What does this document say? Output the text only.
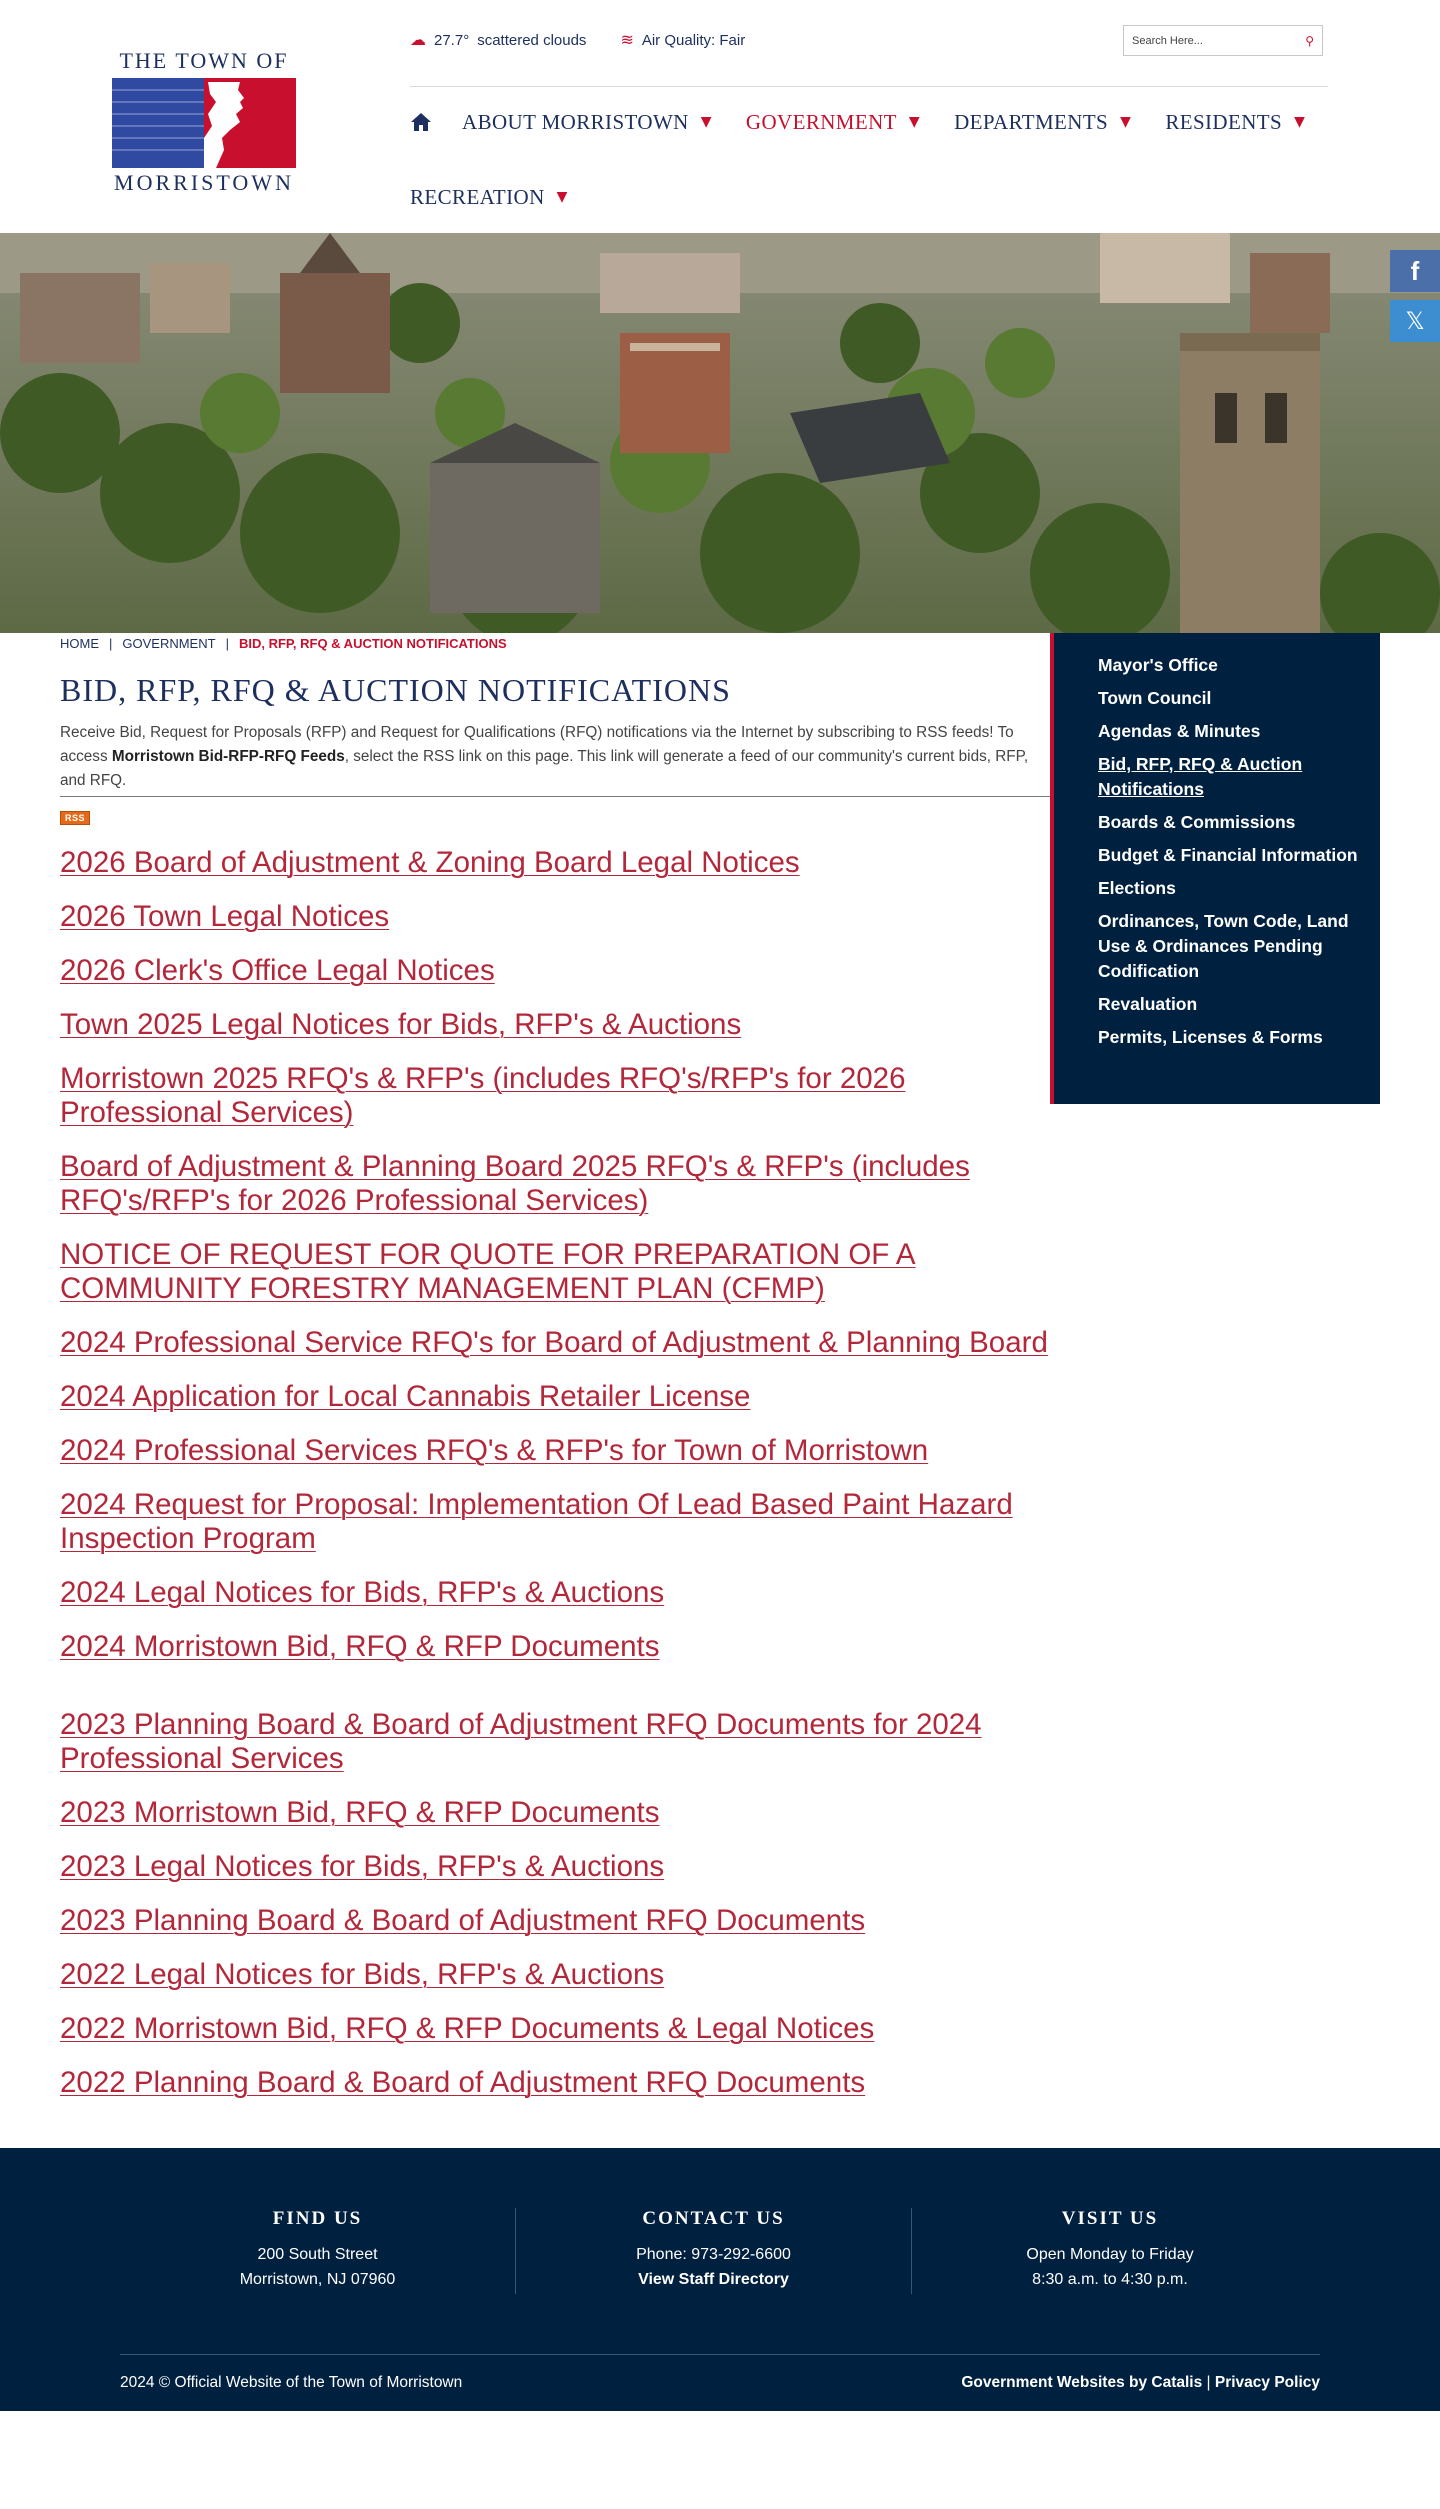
THE TOWN OF
MORRISTOWN
☁ 27.7° scattered clouds ≋ Air Quality: Fair
Search Here...	⚲
ABOUT MORRISTOWN ▼ GOVERNMENT ▼ DEPARTMENTS ▼ RESIDENTS ▼
RECREATION ▼
f
𝕏
HOME | GOVERNMENT | BID, RFP, RFQ & AUCTION NOTIFICATIONS
BID, RFP, RFQ & AUCTION NOTIFICATIONS

Receive Bid, Request for Proposals (RFP) and Request for Qualifications (RFQ) notifications via the Internet by subscribing to RSS feeds! To access Morristown Bid-RFP-RFQ Feeds, select the RSS link on this page. This link will generate a feed of our community's current bids, RFP, and RFQ.

RSS
2026 Board of Adjustment & Zoning Board Legal Notices
2026 Town Legal Notices
2026 Clerk's Office Legal Notices
Town 2025 Legal Notices for Bids, RFP's & Auctions
Morristown 2025 RFQ's & RFP's (includes RFQ's/RFP's for 2026 Professional Services)
Board of Adjustment & Planning Board 2025 RFQ's & RFP's (includes RFQ's/RFP's for 2026 Professional Services)
NOTICE OF REQUEST FOR QUOTE FOR PREPARATION OF A COMMUNITY FORESTRY MANAGEMENT PLAN (CFMP)
2024 Professional Service RFQ's for Board of Adjustment & Planning Board
2024 Application for Local Cannabis Retailer License
2024 Professional Services RFQ's & RFP's for Town of Morristown
2024 Request for Proposal: Implementation Of Lead Based Paint Hazard Inspection Program
2024 Legal Notices for Bids, RFP's & Auctions
2024 Morristown Bid, RFQ & RFP Documents
2023 Planning Board & Board of Adjustment RFQ Documents for 2024 Professional Services
2023 Morristown Bid, RFQ & RFP Documents
2023 Legal Notices for Bids, RFP's & Auctions
2023 Planning Board & Board of Adjustment RFQ Documents
2022 Legal Notices for Bids, RFP's & Auctions
2022 Morristown Bid, RFQ & RFP Documents & Legal Notices
2022 Planning Board & Board of Adjustment RFQ Documents
Mayor's Office
Town Council
Agendas & Minutes
Bid, RFP, RFQ & Auction Notifications
Boards & Commissions
Budget & Financial Information
Elections
Ordinances, Town Code, Land Use & Ordinances Pending Codification
Revaluation
Permits, Licenses & Forms
FIND US
200 South Street
Morristown, NJ 07960
CONTACT US
Phone: 973-292-6600
View Staff Directory
VISIT US
Open Monday to Friday
8:30 a.m. to 4:30 p.m.
2024 © Official Website of the Town of Morristown	Government Websites by Catalis | Privacy Policy
